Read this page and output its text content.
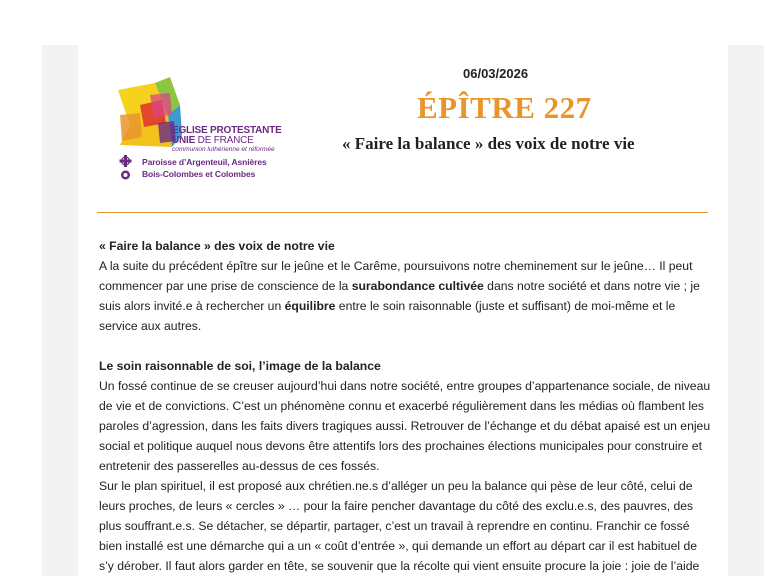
EGLISE PROTESTANTE
UNIE DE FRANCE
communion luthérienne et réformée
Paroisse d’Argenteuil, Asnières
Bois-Colombes et Colombes
06/03/2026
ÉPÎTRE 227
« Faire la balance » des voix de notre vie

« Faire la balance » des voix de notre vie

A la suite du précédent épître sur le jeûne et le Carême, poursuivons notre cheminement sur le jeûne… Il peut commencer par une prise de conscience de la surabondance cultivée dans notre société et dans notre vie ; je suis alors invité.e à rechercher un équilibre entre le soin raisonnable (juste et suffisant) de moi-même et le service aux autres.

Le soin raisonnable de soi, l’image de la balance

Un fossé continue de se creuser aujourd’hui dans notre société, entre groupes d’appartenance sociale, de niveau de vie et de convictions. C’est un phénomène connu et exacerbé régulièrement dans les médias où flambent les paroles d’agression, dans les faits divers tragiques aussi. Retrouver de l’échange et du débat apaisé est un enjeu social et politique auquel nous devons être attentifs lors des prochaines élections municipales pour construire et entretenir des passerelles au-dessus de ces fossés.

Sur le plan spirituel, il est proposé aux chrétien.ne.s d’alléger un peu la balance qui pèse de leur côté, celui de leurs proches, de leurs « cercles » … pour la faire pencher davantage du côté des exclu.e.s, des pauvres, des plus souffrant.e.s. Se détacher, se départir, partager, c’est un travail à reprendre en continu. Franchir ce fossé bien installé est une démarche qui a un « coût d’entrée », qui demande un effort au départ car il est habituel de s’y dérober. Il faut alors garder en tête, se souvenir que la récolte qui vient ensuite procure la joie : joie de l’aide
